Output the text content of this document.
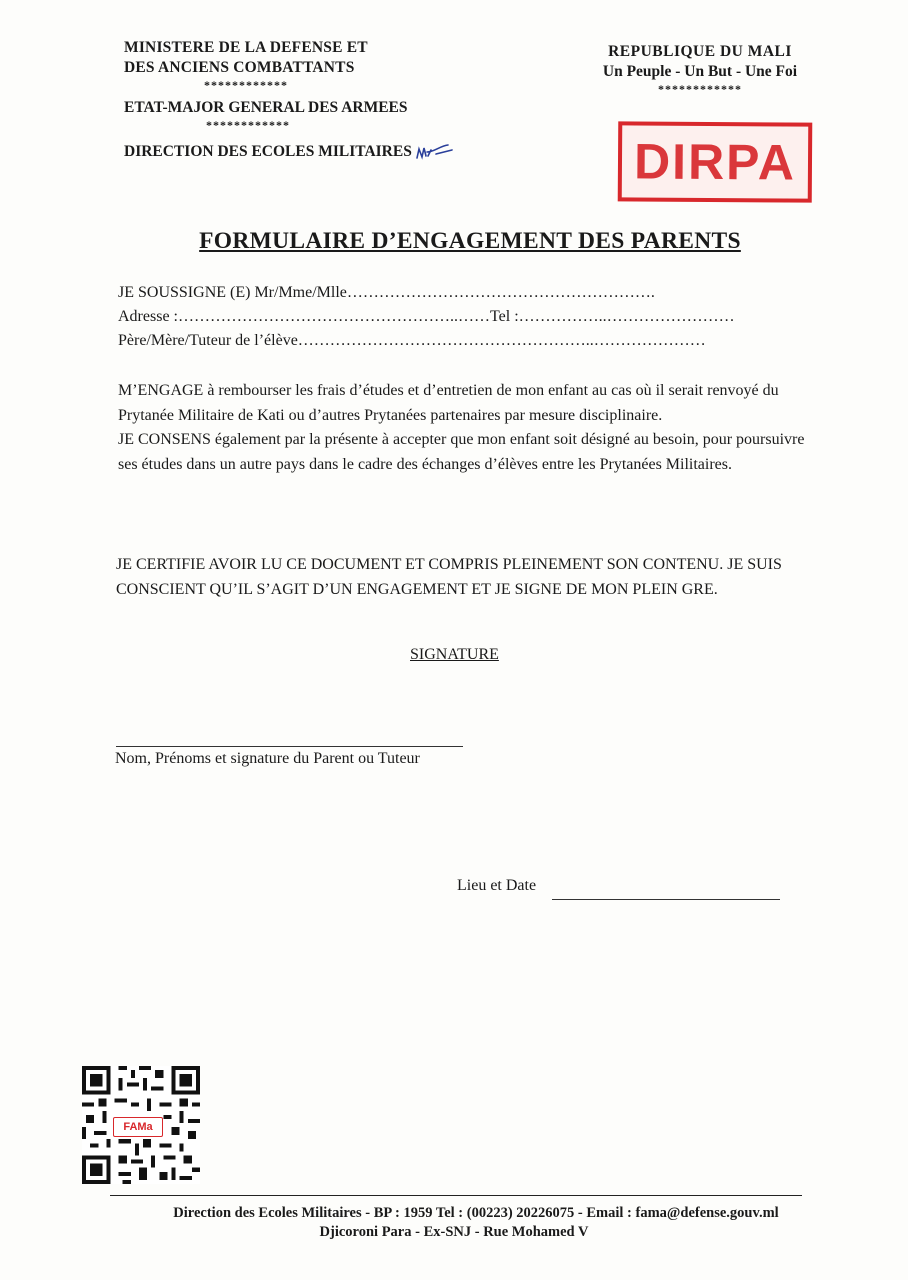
MINISTERE DE LA DEFENSE ET
DES ANCIENS COMBATTANTS
************
ETAT-MAJOR GENERAL DES ARMEES
************
DIRECTION DES ECOLES MILITAIRES
REPUBLIQUE DU MALI
Un Peuple - Un But - Une Foi
************
DIRPA
FORMULAIRE D’ENGAGEMENT DES PARENTS
JE SOUSSIGNE (E) Mr/Mme/Mlle………………………………………………….
Adresse :……………………………………………..……Tel :……………..……………………
Père/Mère/Tuteur de l’élève………………………………………………..…………………

M’ENGAGE à rembourser les frais d’études et d’entretien de mon enfant au cas où il serait renvoyé du Prytanée Militaire de Kati ou d’autres Prytanées partenaires par mesure disciplinaire.

JE CONSENS également par la présente à accepter que mon enfant soit désigné au besoin, pour poursuivre ses études dans un autre pays dans le cadre des échanges d’élèves entre les Prytanées Militaires.

JE CERTIFIE AVOIR LU CE DOCUMENT ET COMPRIS PLEINEMENT SON CONTENU. JE SUIS CONSCIENT QU’IL S’AGIT D’UN ENGAGEMENT ET JE SIGNE DE MON PLEIN GRE.
SIGNATURE
Nom, Prénoms et signature du Parent ou Tuteur
Lieu et Date
FAMa
Direction des Ecoles Militaires - BP : 1959 Tel : (00223) 20226075 - Email : fama@defense.gouv.ml
Djicoroni Para - Ex-SNJ - Rue Mohamed V
